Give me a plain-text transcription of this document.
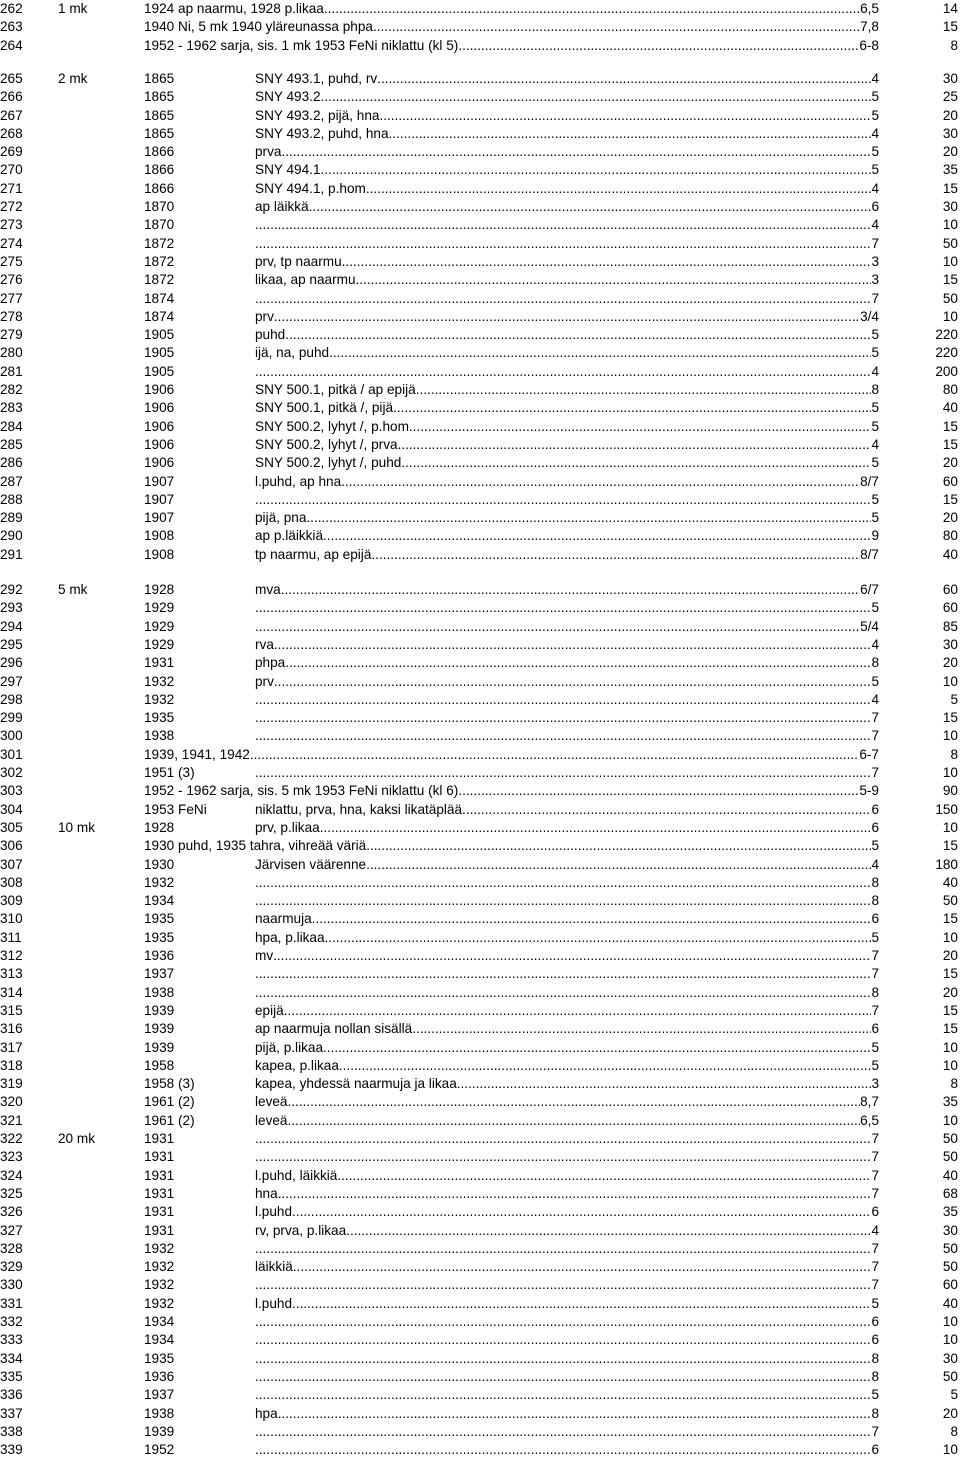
262	1 mk	1924 ap naarmu, 1928 p.likaa .....	6,5	14
263	1940 Ni, 5 mk 1940 yläreunassa phpa .....	7,8	15
264	1952 - 1962 sarja, sis. 1 mk 1953 FeNi niklattu (kl 5) .....	6-8	8
265	2 mk	1865	SNY 493.1, puhd, rv .....	4	30
266	1865	SNY 493.2 .....	5	25
267	1865	SNY 493.2, pijä, hna .....	5	20
268	1865	SNY 493.2, puhd, hna .....	4	30
269	1866	prva .....	5	20
270	1866	SNY 494.1 .....	5	35
271	1866	SNY 494.1, p.hom .....	4	15
272	1870	ap läikkä .....	6	30
273	1870 .....	4	10
274	1872 .....	7	50
275	1872	prv, tp naarmu .....	3	10
276	1872	likaa, ap naarmu .....	3	15
277	1874 .....	7	50
278	1874	prv .....	3/4	10
279	1905	puhd .....	5	220
280	1905	ijä, na, puhd .....	5	220
281	1905 .....	4	200
282	1906	SNY 500.1, pitkä / ap epijä .....	8	80
283	1906	SNY 500.1, pitkä /, pijä .....	5	40
284	1906	SNY 500.2, lyhyt /, p.hom .....	5	15
285	1906	SNY 500.2, lyhyt /, prva .....	4	15
286	1906	SNY 500.2, lyhyt /, puhd .....	5	20
287	1907	l.puhd, ap hna .....	8/7	60
288	1907 .....	5	15
289	1907	pijä, pna .....	5	20
290	1908	ap p.läikkiä .....	9	80
291	1908	tp naarmu, ap epijä .....	8/7	40
292	5 mk	1928	mva .....	6/7	60
293	1929 .....	5	60
294	1929 .....	5/4	85
295	1929	rva .....	4	30
296	1931	phpa .....	8	20
297	1932	prv .....	5	10
298	1932 .....	4	5
299	1935 .....	7	15
300	1938 .....	7	10
301	1939, 1941, 1942 .....	6-7	8
302	1951 (3) .....	7	10
303	1952 - 1962 sarja, sis. 5 mk 1953 FeNi niklattu (kl 6) .....	5-9	90
304	1953 FeNi	niklattu, prva, hna, kaksi likatäplää .....	6	150
305	10 mk	1928	prv, p.likaa .....	6	10
306	1930 puhd, 1935 tahra, vihreää väriä .....	5	15
307	1930	Järvisen väärenne .....	4	180
308	1932 .....	8	40
309	1934 .....	8	50
310	1935	naarmuja .....	6	15
311	1935	hpa, p.likaa .....	5	10
312	1936	mv .....	7	20
313	1937 .....	7	15
314	1938 .....	8	20
315	1939	epijä .....	7	15
316	1939	ap naarmuja nollan sisällä .....	6	15
317	1939	pijä, p.likaa .....	5	10
318	1958	kapea, p.likaa .....	5	10
319	1958 (3)	kapea, yhdessä naarmuja ja likaa .....	3	8
320	1961 (2)	leveä .....	8,7	35
321	1961 (2)	leveä .....	6,5	10
322	20 mk	1931 .....	7	50
323	1931 .....	7	50
324	1931	l.puhd, läikkiä .....	7	40
325	1931	hna .....	7	68
326	1931	l.puhd .....	6	35
327	1931	rv, prva, p.likaa .....	4	30
328	1932 .....	7	50
329	1932	läikkiä .....	7	50
330	1932 .....	7	60
331	1932	l.puhd .....	5	40
332	1934 .....	6	10
333	1934 .....	6	10
334	1935 .....	8	30
335	1936 .....	8	50
336	1937 .....	5	5
337	1938	hpa .....	8	20
338	1939 .....	7	8
339	1952 .....	6	10
